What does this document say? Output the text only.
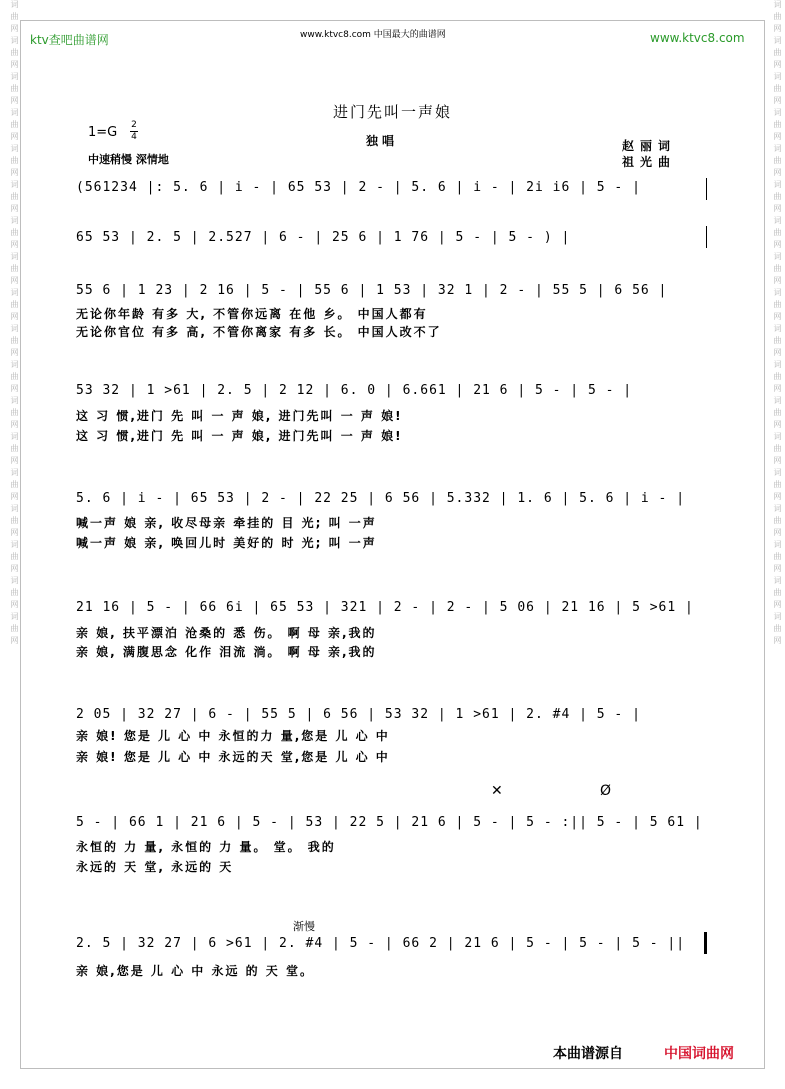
词曲网词曲网词曲网词曲网词曲网词曲网词曲网词曲网词曲网词曲网词曲网词曲网词曲网词曲网词曲网词曲网词曲网词曲网	词曲网词曲网词曲网词曲网词曲网词曲网词曲网词曲网词曲网词曲网词曲网词曲网词曲网词曲网词曲网词曲网词曲网词曲网
ktv查吧曲谱网	www.ktvc8.com 中国最大的曲谱网	www.ktvc8.com
进门先叫一声娘
1=G 2
4
中速稍慢 深情地
独唱	赵丽词
祖光曲
(561234 |: 5. 6 | i - | 65 53 | 2 - | 5. 6 | i - | 2i i6 | 5 - |
65 53 | 2. 5 | 2.527 | 6 - | 25 6 | 1 76 | 5 - | 5 - ) |
55 6 | 1 23 | 2 16 | 5 - | 55 6 | 1 53 | 32 1 | 2 - | 55 5 | 6 56 |
无论你年龄 有多 大, 不管你远离 在他 乡。 中国人都有
无论你官位 有多 高, 不管你离家 有多 长。 中国人改不了
53 32 | 1 >61 | 2. 5 | 2 12 | 6. 0 | 6.661 | 21 6 | 5 - | 5 - |
这 习 惯,进门 先 叫 一 声 娘, 进门先叫 一 声 娘!
这 习 惯,进门 先 叫 一 声 娘, 进门先叫 一 声 娘!
5. 6 | i - | 65 53 | 2 - | 22 25 | 6 56 | 5.332 | 1. 6 | 5. 6 | i - |
喊一声 娘 亲, 收尽母亲 牵挂的 目 光; 叫 一声
喊一声 娘 亲, 唤回儿时 美好的 时 光; 叫 一声
21 16 | 5 - | 66 6i | 65 53 | 321 | 2 - | 2 - | 5 06 | 21 16 | 5 >61 |
亲 娘, 扶平漂泊 沧桑的 悉 伤。 啊 母 亲,我的
亲 娘, 满腹思念 化作 泪流 淌。 啊 母 亲,我的
2 05 | 32 27 | 6 - | 55 5 | 6 56 | 53 32 | 1 >61 | 2. #4 | 5 - |
亲 娘! 您是 儿 心 中 永恒的力 量,您是 儿 心 中
亲 娘! 您是 儿 心 中 永远的天 堂,您是 儿 心 中
✕	Ø
5 - | 66 1 | 21 6 | 5 - | 53 | 22 5 | 21 6 | 5 - | 5 - :|| 5 - | 5 61 |
永恒的 力 量, 永恒的 力 量。 堂。 我的
永远的 天 堂, 永远的 天
渐慢
2. 5 | 32 27 | 6 >61 | 2. #4 | 5 - | 66 2 | 21 6 | 5 - | 5 - | 5 - ||
亲 娘,您是 儿 心 中 永远 的 天 堂。
本曲谱源自	中国词曲网
